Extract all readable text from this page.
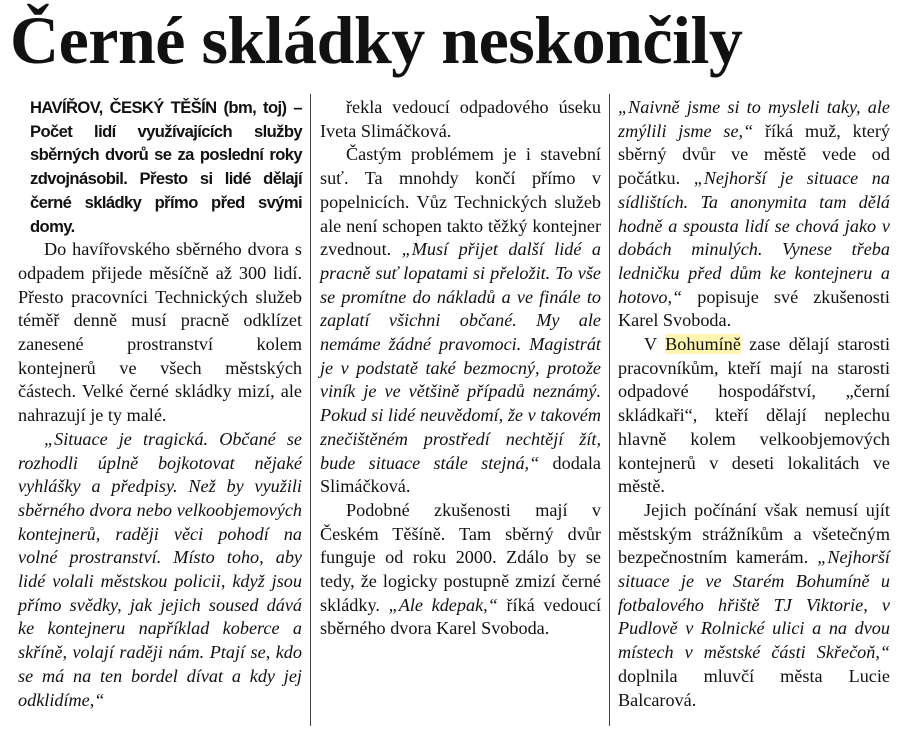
Černé skládky neskončily

HAVÍŘOV, ČESKÝ TĚŠÍN (bm, toj) – Počet lidí využívajících služby sběrných dvorů se za poslední roky zdvojnásobil. Přesto si lidé dělají černé skládky přímo před svými domy.

Do havířovského sběrného dvora s odpadem přijede měsíčně až 300 lidí. Přesto pracovníci Technických služeb téměř denně musí pracně odklízet zanesené prostranství kolem kontejnerů ve všech městských částech. Velké černé skládky mizí, ale nahrazují je ty malé.

„Situace je tragická. Občané se rozhodli úplně bojkotovat nějaké vyhlášky a předpisy. Než by využili sběrného dvora nebo velkoobjemových kontejnerů, raději věci pohodí na volné prostranství. Místo toho, aby lidé volali městskou policii, když jsou přímo svědky, jak jejich soused dává ke kontejneru například koberce a skříně, volají raději nám. Ptají se, kdo se má na ten bordel dívat a kdy jej odklidíme,“

řekla vedoucí odpadového úseku Iveta Slimáčková.

Častým problémem je i stavební suť. Ta mnohdy končí přímo v popelnicích. Vůz Technických služeb ale není schopen takto těžký kontejner zvednout. „Musí přijet další lidé a pracně suť lopatami si přeložit. To vše se promítne do nákladů a ve finále to zaplatí všichni občané. My ale nemáme žádné pravomoci. Magistrát je v podstatě také bezmocný, protože viník je ve většině případů neznámý. Pokud si lidé neuvědomí, že v takovém znečištěném prostředí nechtějí žít, bude situace stále stejná,“ dodala Slimáčková.

Podobné zkušenosti mají v Českém Těšíně. Tam sběrný dvůr funguje od roku 2000. Zdálo by se tedy, že logicky postupně zmizí černé skládky. „Ale kdepak,“ říká vedoucí sběrného dvora Karel Svoboda.

„Naivně jsme si to mysleli taky, ale zmýlili jsme se,“ říká muž, který sběrný dvůr ve městě vede od počátku. „Nejhorší je situace na sídlištích. Ta anonymita tam dělá hodně a spousta lidí se chová jako v dobách minulých. Vynese třeba ledničku před dům ke kontejneru a hotovo,“ popisuje své zkušenosti Karel Svoboda.

V Bohumíně zase dělají starosti pracovníkům, kteří mají na starosti odpadové hospodářství, „černí skládkaři“, kteří dělají neplechu hlavně kolem velkoobjemových kontejnerů v deseti lokalitách ve městě.

Jejich počínání však nemusí ujít městským strážníkům a všetečným bezpečnostním kamerám. „Nejhorší situace je ve Starém Bohumíně u fotbalového hřiště TJ Viktorie, v Pudlově v Rolnické ulici a na dvou místech v městské části Skřečoň,“ doplnila mluvčí města Lucie Balcarová.
